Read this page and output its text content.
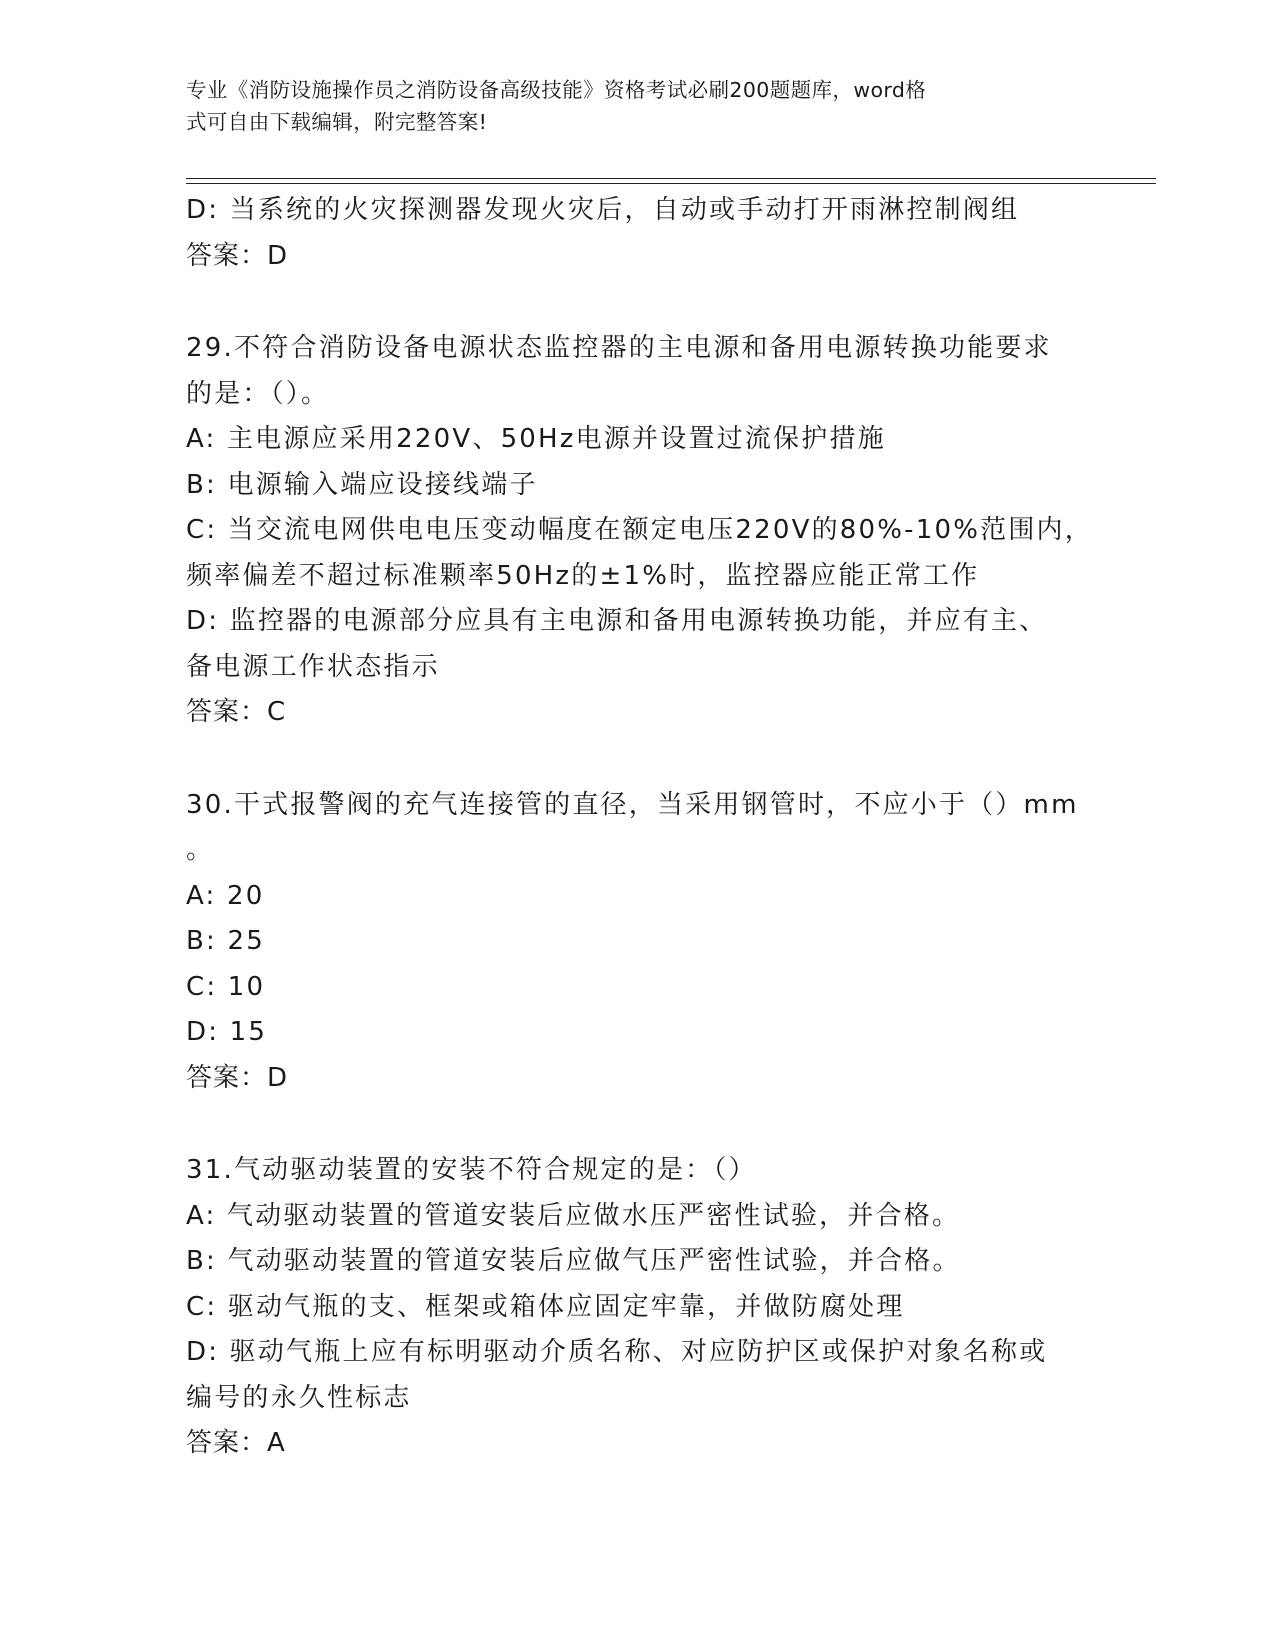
专业《消防设施操作员之消防设备高级技能》资格考试必刷200题题库，word格
式可自由下载编辑，附完整答案!
D: 当系统的火灾探测器发现火灾后，自动或手动打开雨淋控制阀组
答案：D
29.不符合消防设备电源状态监控器的主电源和备用电源转换功能要求
的是：（）。
A: 主电源应采用220V、50Hz电源并设置过流保护措施
B: 电源输入端应设接线端子
C: 当交流电网供电电压变动幅度在额定电压220V的80%-10%范围内，
频率偏差不超过标准颗率50Hz的±1%时，监控器应能正常工作
D: 监控器的电源部分应具有主电源和备用电源转换功能，并应有主、
备电源工作状态指示
答案：C
30.干式报警阀的充气连接管的直径，当采用钢管时，不应小于（）mm
。
A: 20
B: 25
C: 10
D: 15
答案：D
31.气动驱动装置的安装不符合规定的是：（）
A: 气动驱动装置的管道安装后应做水压严密性试验，并合格。
B: 气动驱动装置的管道安装后应做气压严密性试验，并合格。
C: 驱动气瓶的支、框架或箱体应固定牢靠，并做防腐处理
D: 驱动气瓶上应有标明驱动介质名称、对应防护区或保护对象名称或
编号的永久性标志
答案：A
